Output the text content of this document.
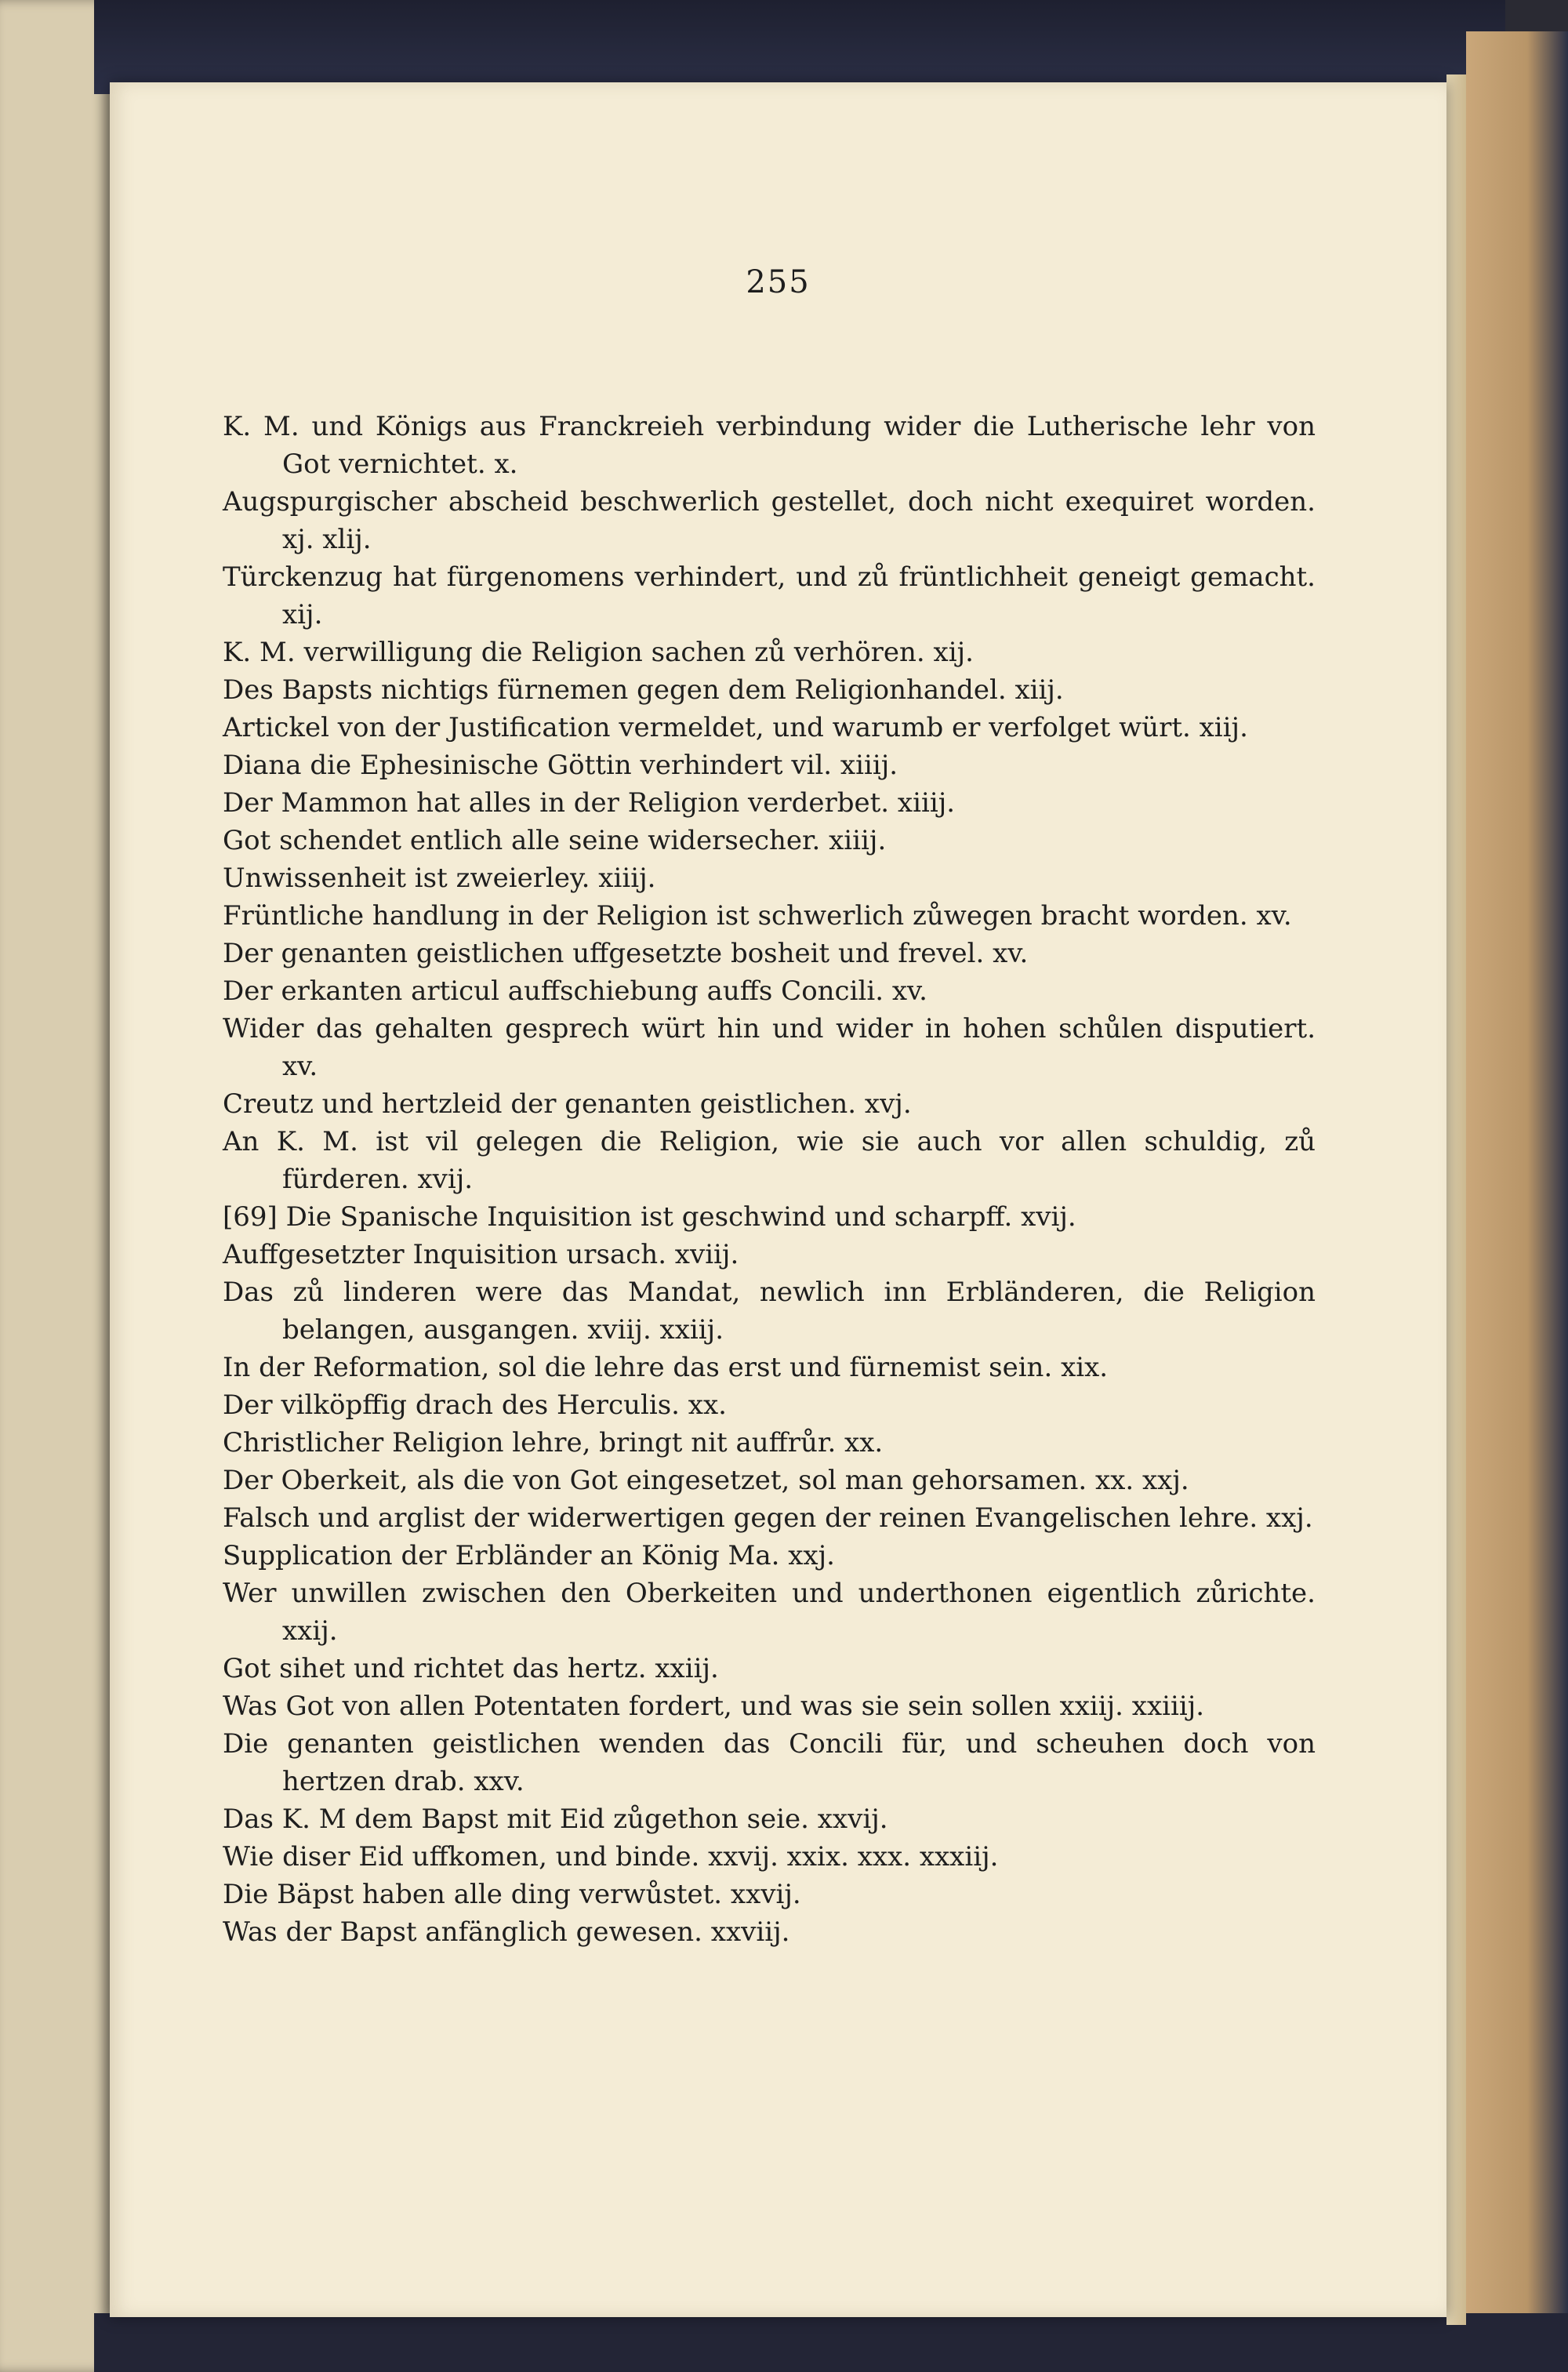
255
K. M. und Königs aus Franckreieh verbindung wider die Lutherische lehr von Got vernichtet. x.
Augspurgischer abscheid beschwerlich gestellet, doch nicht exequiret worden. xj. xlij.
Türckenzug hat fürgenomens verhindert, und zů früntlichheit geneigt gemacht. xij.
K. M. verwilligung die Religion sachen zů verhören. xij.
Des Bapsts nichtigs fürnemen gegen dem Religionhandel. xiij.
Artickel von der Justification vermeldet, und warumb er verfolget würt. xiij.
Diana die Ephesinische Göttin verhindert vil. xiiij.
Der Mammon hat alles in der Religion verderbet. xiiij.
Got schendet entlich alle seine widersecher. xiiij.
Unwissenheit ist zweierley. xiiij.
Früntliche handlung in der Religion ist schwerlich zůwegen bracht worden. xv.
Der genanten geistlichen uffgesetzte bosheit und frevel. xv.
Der erkanten articul auffschiebung auffs Concili. xv.
Wider das gehalten gesprech würt hin und wider in hohen schůlen disputiert. xv.
Creutz und hertzleid der genanten geistlichen. xvj.
An K. M. ist vil gelegen die Religion, wie sie auch vor allen schuldig, zů fürderen. xvij.
[69] Die Spanische Inquisition ist geschwind und scharpff. xvij.
Auffgesetzter Inquisition ursach. xviij.
Das zů linderen were das Mandat, newlich inn Erbländeren, die Religion belangen, ausgangen. xviij. xxiij.
In der Reformation, sol die lehre das erst und fürnemist sein. xix.
Der vilköpffig drach des Herculis. xx.
Christlicher Religion lehre, bringt nit auffrůr. xx.
Der Oberkeit, als die von Got eingesetzet, sol man gehorsamen. xx. xxj.
Falsch und arglist der widerwertigen gegen der reinen Evangelischen lehre. xxj.
Supplication der Erbländer an König Ma. xxj.
Wer unwillen zwischen den Oberkeiten und underthonen eigentlich zůrichte. xxij.
Got sihet und richtet das hertz. xxiij.
Was Got von allen Potentaten fordert, und was sie sein sollen xxiij. xxiiij.
Die genanten geistlichen wenden das Concili für, und scheuhen doch von hertzen drab. xxv.
Das K. M dem Bapst mit Eid zůgethon seie. xxvij.
Wie diser Eid uffkomen, und binde. xxvij. xxix. xxx. xxxiij.
Die Bäpst haben alle ding verwůstet. xxvij.
Was der Bapst anfänglich gewesen. xxviij.
